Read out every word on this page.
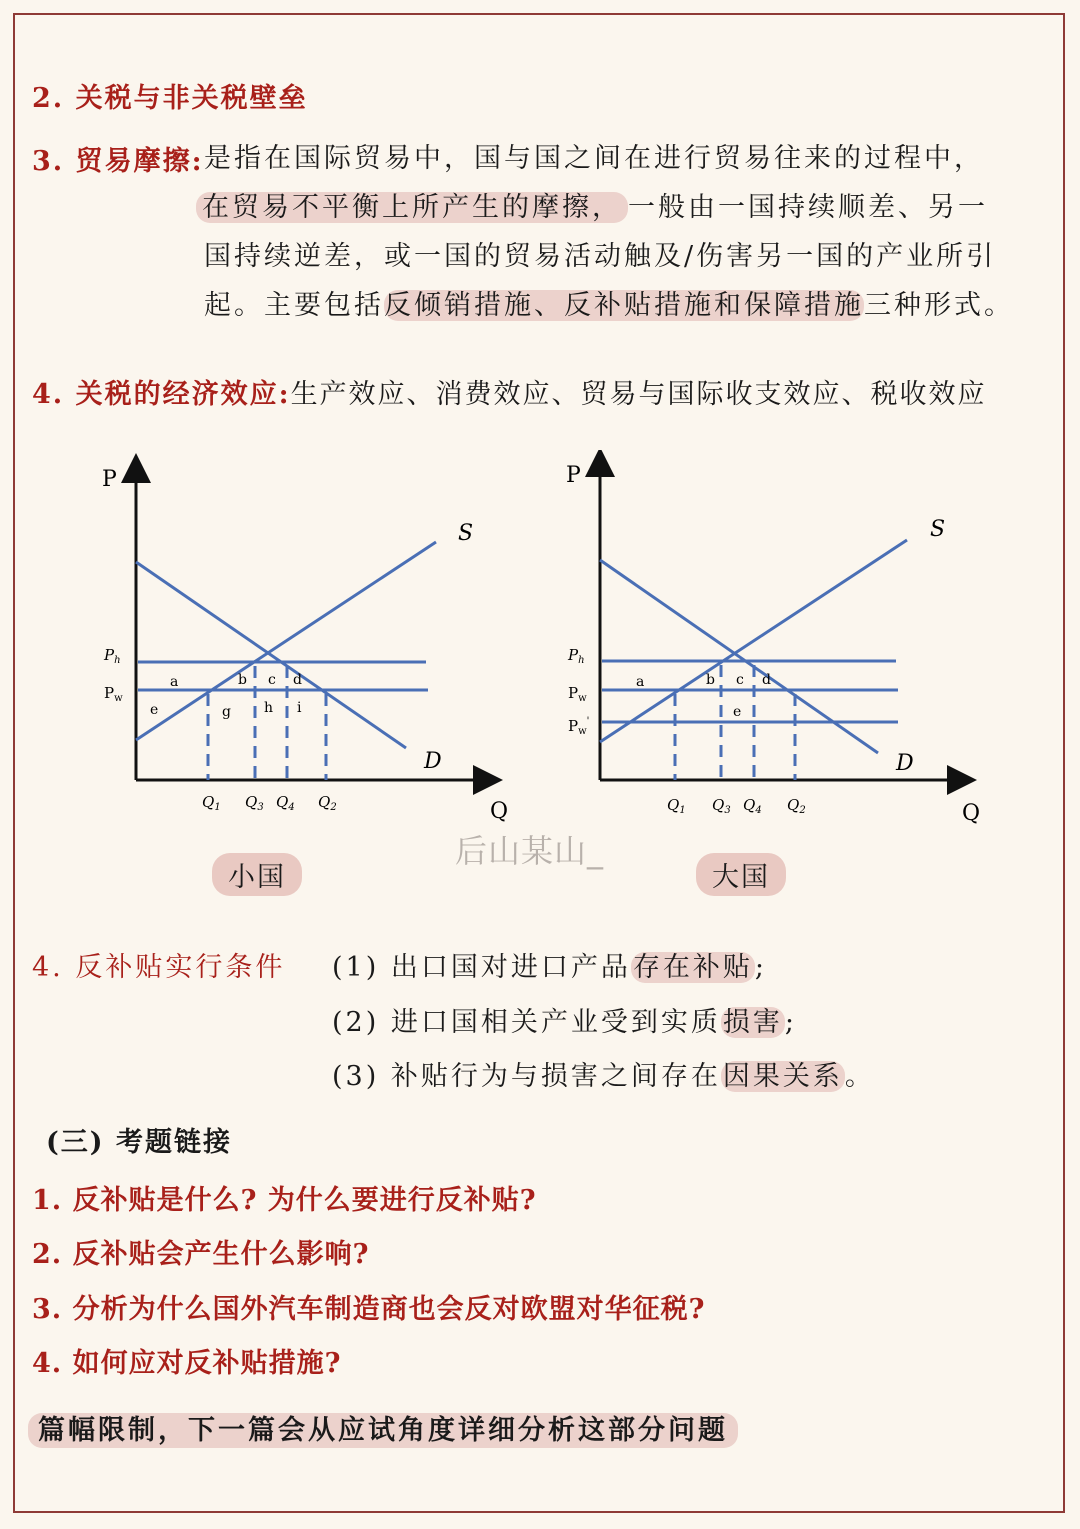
2. 关税与非关税壁垒
3. 贸易摩擦: 是指在国际贸易中，国与国之间在进行贸易往来的过程中，
在贸易不平衡上所产生的摩擦， 一般由一国持续顺差、另一
国持续逆差，或一国的贸易活动触及/伤害另一国的产业所引
起。主要包括反倾销措施、反补贴措施和保障措施三种形式。
4. 关税的经济效应:生产效应、消费效应、贸易与国际收支效应、税收效应
P
Q
S
D
$P_h$
$P_w$
a	b c d
e	g h i
$Q_1$ $Q_3$ $Q_4$ $Q_2$
P
Q
S
D
$P_h$
$P_w$
$P_w'$
a	b c d
e
$Q_1$ $Q_3$ $Q_4$ $Q_2$
后山某山_
小国	大国
4. 反补贴实行条件 (1) 出口国对进口产品存在补贴;
(2) 进口国相关产业受到实质损害;
(3) 补贴行为与损害之间存在因果关系。
(三) 考题链接
1. 反补贴是什么? 为什么要进行反补贴?
2. 反补贴会产生什么影响?
3. 分析为什么国外汽车制造商也会反对欧盟对华征税?
4. 如何应对反补贴措施?
篇幅限制，下一篇会从应试角度详细分析这部分问题
